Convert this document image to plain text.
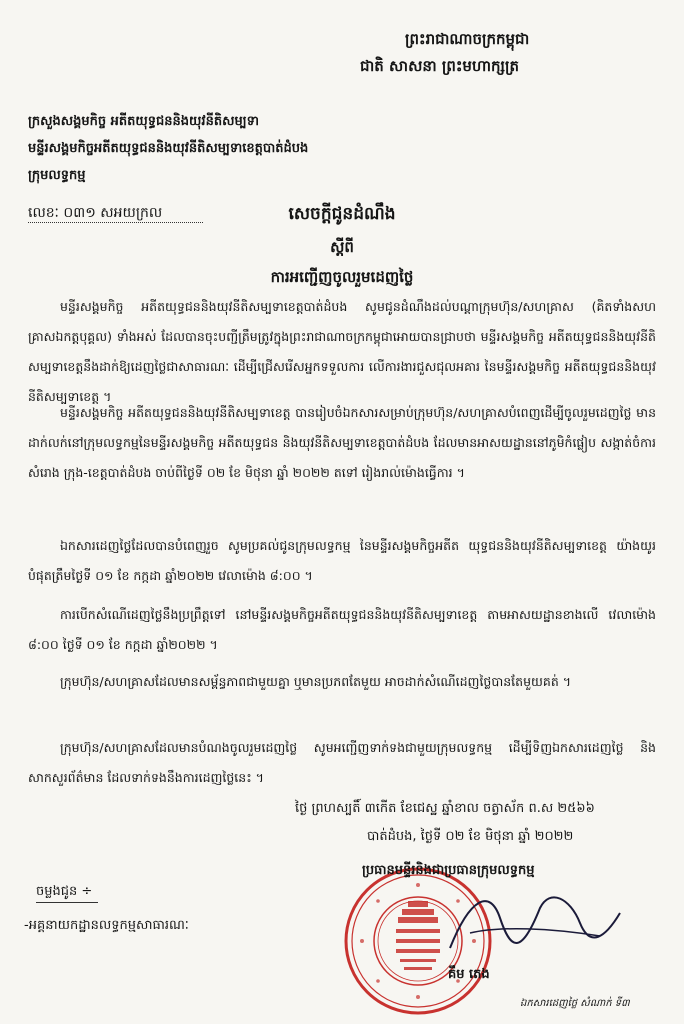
ព្រះរាជាណាចក្រកម្ពុជា
ជាតិ សាសនា ព្រះមហាក្សត្រ
ក្រសួងសង្គមកិច្ច អតីតយុទ្ធជននិងយុវនីតិសម្បទា
មន្ទីរសង្គមកិច្ចអតីតយុទ្ធជននិងយុវនីតិសម្បទាខេត្តបាត់ដំបង
ក្រុមលទ្ធកម្ម
លេខៈ ០៣១ សអយក្រល	សេចក្តីជូនដំណឹង
ស្តីពី
ការអញ្ជើញចូលរួមដេញថ្លៃ
មន្ទីរសង្គមកិច្ច អតីតយុទ្ធជននិងយុវនីតិសម្បទាខេត្តបាត់ដំបង សូមជូនដំណឹងដល់បណ្តាក្រុមហ៊ុន/សហគ្រាស (គិតទាំងសហគ្រាសឯកត្តបុគ្គល) ទាំងអស់ ដែលបានចុះបញ្ជីត្រឹមត្រូវក្នុងព្រះរាជាណាចក្រកម្ពុជាអោយបានជ្រាបថា មន្ទីរសង្គមកិច្ច អតីតយុទ្ធជននិងយុវនីតិសម្បទាខេត្តនឹងដាក់ឱ្យដេញថ្លៃជាសាធារណៈ ដើម្បីជ្រើសរើសអ្នកទទួលការ លើការងារជួសជុលអគារ នៃមន្ទីរសង្គមកិច្ច អតីតយុទ្ធជននិងយុវនីតិសម្បទាខេត្ត ។
មន្ទីរសង្គមកិច្ច អតីតយុទ្ធជននិងយុវនីតិសម្បទាខេត្ត បានរៀបចំឯកសារសម្រាប់ក្រុមហ៊ុន/សហគ្រាសបំពេញដើម្បីចូលរួមដេញថ្លៃ មានដាក់លក់នៅក្រុមលទ្ធកម្មនៃមន្ទីរសង្គមកិច្ច អតីតយុទ្ធជន និងយុវនីតិសម្បទាខេត្តបាត់ដំបង ដែលមានអាសយដ្ឋាននៅភូមិកំផ្លៀប សង្កាត់ចំការ សំរោង ក្រុង-ខេត្តបាត់ដំបង ចាប់ពីថ្ងៃទី ០២ ខែ មិថុនា ឆ្នាំ ២០២២ តទៅ រៀងរាល់ម៉ោងធ្វើការ ។
ឯកសារដេញថ្លៃដែលបានបំពេញរួច សូមប្រគល់ជូនក្រុមលទ្ធកម្ម នៃមន្ទីរសង្គមកិច្ចអតីត យុទ្ធជននិងយុវនីតិសម្បទាខេត្ត យ៉ាងយូរបំផុតត្រឹមថ្ងៃទី ០១ ខែ កក្កដា ឆ្នាំ២០២២ វេលាម៉ោង ៨:០០ ។
ការបើកសំណើដេញថ្លៃនឹងប្រព្រឹត្តទៅ នៅមន្ទីរសង្គមកិច្ចអតីតយុទ្ធជននិងយុវនីតិសម្បទាខេត្ត តាមអាសយដ្ឋានខាងលើ វេលាម៉ោង ៨:០០ ថ្ងៃទី ០១ ខែ កក្កដា ឆ្នាំ២០២២ ។
ក្រុមហ៊ុន/សហគ្រាសដែលមានសម្ព័ន្ធភាពជាមួយគ្នា ឬមានប្រភពតែមួយ អាចដាក់សំណើដេញថ្លៃបានតែមួយគត់ ។
ក្រុមហ៊ុន/សហគ្រាសដែលមានបំណងចូលរួមដេញថ្លៃ សូមអញ្ជើញទាក់ទងជាមួយក្រុមលទ្ធកម្ម ដើម្បីទិញឯកសារដេញថ្លៃ និងសាកសួរព័ត៌មាន ដែលទាក់ទងនឹងការដេញថ្លៃនេះ ។
ថ្ងៃ ព្រហស្បតិ៍ ៣កើត ខែជេស្ឋ ឆ្នាំខាល ចត្វាស័ក ព.ស ២៥៦៦
បាត់ដំបង, ថ្ងៃទី ០២ ខែ មិថុនា ឆ្នាំ ២០២២
ប្រធានមន្ទីរនិងជាប្រធានក្រុមលទ្ធកម្ម
គឹម តេង
ចម្លងជូន ÷
-អគ្គនាយកដ្ឋានលទ្ធកម្មសាធារណៈ
ឯកសារដេញថ្លៃ សំណាក់ ទី៣
